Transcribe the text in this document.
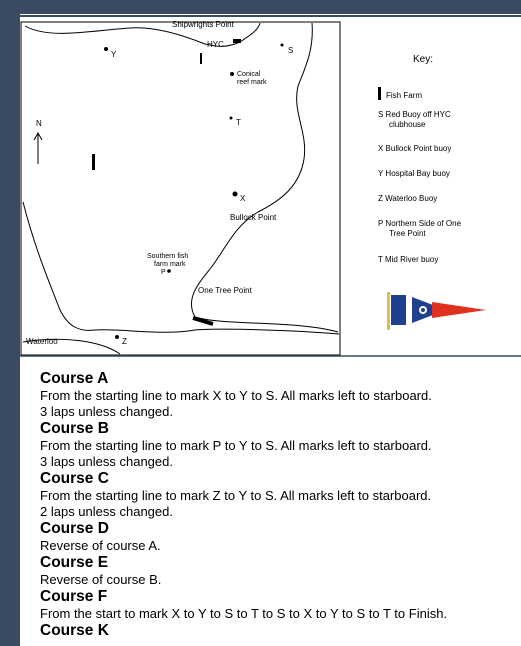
Shipwrights Point
HYC
Conical
reef mark
Bullock Point
Southern fish
farm mark
One Tree Point
Waterloo
N
Y	S
T
X
P
Z
Key:
Fish Farm
S Red Buoy off HYC
clubhouse
X Bullock Point buoy
Y Hospital Bay buoy
Z Waterloo Buoy
P Northern Side of One
Tree Point
T Mid River buoy
Course A
From the starting line to mark X to Y to S. All marks left to starboard.
3 laps unless changed.
Course B
From the starting line to mark P to Y to S. All marks left to starboard.
3 laps unless changed.
Course C
From the starting line to mark Z to Y to S. All marks left to starboard.
2 laps unless changed.
Course D
Reverse of course A.
Course E
Reverse of course B.
Course F
From the start to mark X to Y to S to T to S to X to Y to S to T to Finish.
Course K
